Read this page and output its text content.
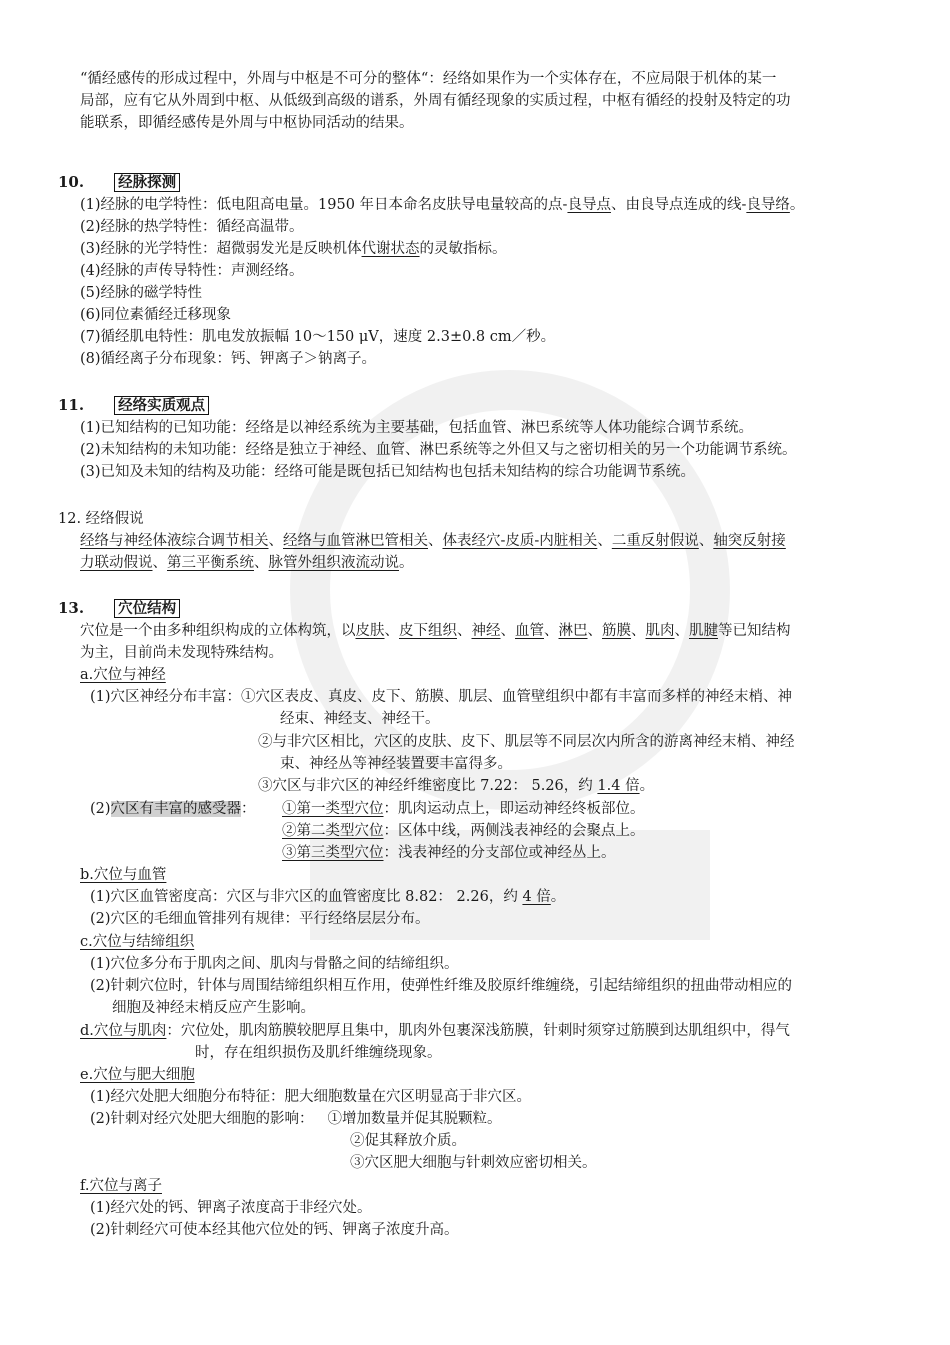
“循经感传的形成过程中，外周与中枢是不可分的整体“：经络如果作为一个实体存在，不应局限于机体的某一
局部，应有它从外周到中枢、从低级到高级的谱系，外周有循经现象的实质过程，中枢有循经的投射及特定的功
能联系，即循经感传是外周与中枢协同活动的结果。
10. 经脉探测
(1)经脉的电学特性：低电阻高电量。1950 年日本命名皮肤导电量较高的点-良导点、由良导点连成的线-良导络。
(2)经脉的热学特性：循经高温带。
(3)经脉的光学特性：超微弱发光是反映机体代谢状态的灵敏指标。
(4)经脉的声传导特性：声测经络。
(5)经脉的磁学特性
(6)同位素循经迁移现象
(7)循经肌电特性：肌电发放振幅 10～150 μV，速度 2.3±0.8 cm／秒。
(8)循经离子分布现象：钙、钾离子＞钠离子。
11. 经络实质观点
(1)已知结构的已知功能：经络是以神经系统为主要基础，包括血管、淋巴系统等人体功能综合调节系统。
(2)未知结构的未知功能：经络是独立于神经、血管、淋巴系统等之外但又与之密切相关的另一个功能调节系统。
(3)已知及未知的结构及功能：经络可能是既包括已知结构也包括未知结构的综合功能调节系统。
12. 经络假说
经络与神经体液综合调节相关、经络与血管淋巴管相关、体表经穴-皮质-内脏相关、二重反射假说、轴突反射接
力联动假说、第三平衡系统、脉管外组织液流动说。
13. 穴位结构
穴位是一个由多种组织构成的立体构筑，以皮肤、皮下组织、神经、血管、淋巴、筋膜、肌肉、肌腱等已知结构
为主，目前尚未发现特殊结构。
a.穴位与神经
(1)穴区神经分布丰富：①穴区表皮、真皮、皮下、筋膜、肌层、血管壁组织中都有丰富而多样的神经末梢、神
经束、神经支、神经干。
②与非穴区相比，穴区的皮肤、皮下、肌层等不同层次内所含的游离神经末梢、神经
束、神经丛等神经装置要丰富得多。
③穴区与非穴区的神经纤维密度比 7.22： 5.26，约 1.4 倍。
(2)穴区有丰富的感受器： ①第一类型穴位：肌肉运动点上，即运动神经终板部位。
②第二类型穴位：区体中线，两侧浅表神经的会聚点上。
③第三类型穴位：浅表神经的分支部位或神经丛上。
b.穴位与血管
(1)穴区血管密度高：穴区与非穴区的血管密度比 8.82： 2.26，约 4 倍。
(2)穴区的毛细血管排列有规律：平行经络层层分布。
c.穴位与结缔组织
(1)穴位多分布于肌肉之间、肌肉与骨骼之间的结缔组织。
(2)针刺穴位时，针体与周围结缔组织相互作用，使弹性纤维及胶原纤维缠绕，引起结缔组织的扭曲带动相应的
细胞及神经末梢反应产生影响。
d.穴位与肌肉：穴位处，肌肉筋膜较肥厚且集中，肌肉外包裹深浅筋膜，针刺时须穿过筋膜到达肌组织中，得气
时，存在组织损伤及肌纤维缠绕现象。
e.穴位与肥大细胞
(1)经穴处肥大细胞分布特征：肥大细胞数量在穴区明显高于非穴区。
(2)针刺对经穴处肥大细胞的影响： ①增加数量并促其脱颗粒。
②促其释放介质。
③穴区肥大细胞与针刺效应密切相关。
f.穴位与离子
(1)经穴处的钙、钾离子浓度高于非经穴处。
(2)针刺经穴可使本经其他穴位处的钙、钾离子浓度升高。
